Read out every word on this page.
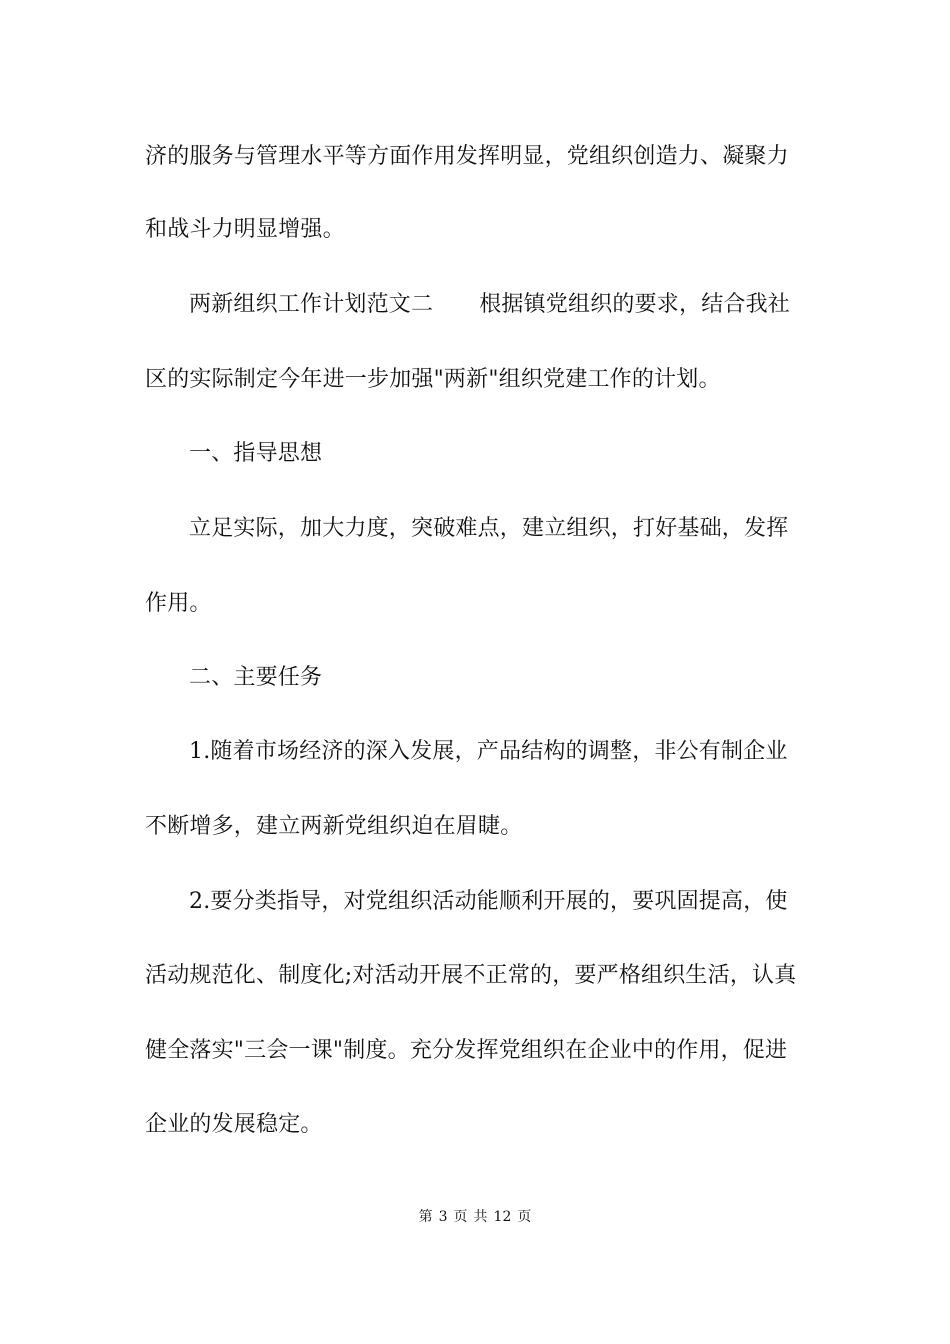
济的服务与管理水平等方面作用发挥明显，党组织创造力、凝聚力
和战斗力明显增强。
两新组织工作计划范文二 根据镇党组织的要求，结合我社
区的实际制定今年进一步加强"两新"组织党建工作的计划。
一、指导思想
立足实际，加大力度，突破难点，建立组织，打好基础，发挥
作用。
二、主要任务
1.随着市场经济的深入发展，产品结构的调整，非公有制企业
不断增多，建立两新党组织迫在眉睫。
2.要分类指导，对党组织活动能顺利开展的，要巩固提高，使
活动规范化、制度化;对活动开展不正常的，要严格组织生活，认真
健全落实"三会一课"制度。充分发挥党组织在企业中的作用，促进
企业的发展稳定。
第 3 页 共 12 页
